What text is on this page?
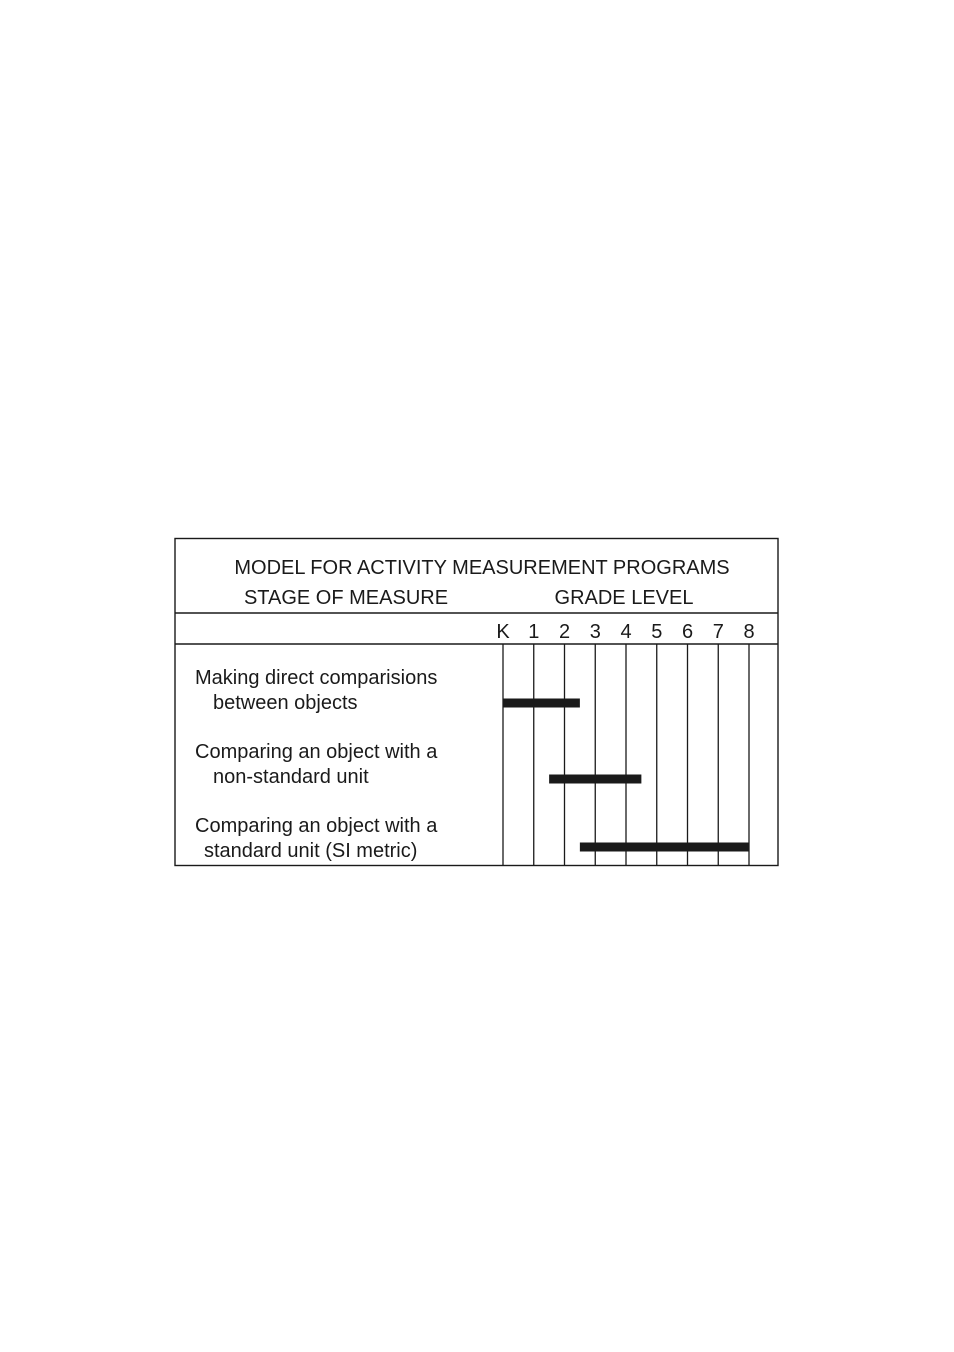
MODEL FOR ACTIVITY MEASUREMENT PROGRAMS
STAGE OF MEASURE	GRADE LEVEL
K 1 2 3 4 5 6 7 8
Making direct comparisions
between objects
Comparing an object with a
non-standard unit
Comparing an object with a
standard unit (SI metric)
